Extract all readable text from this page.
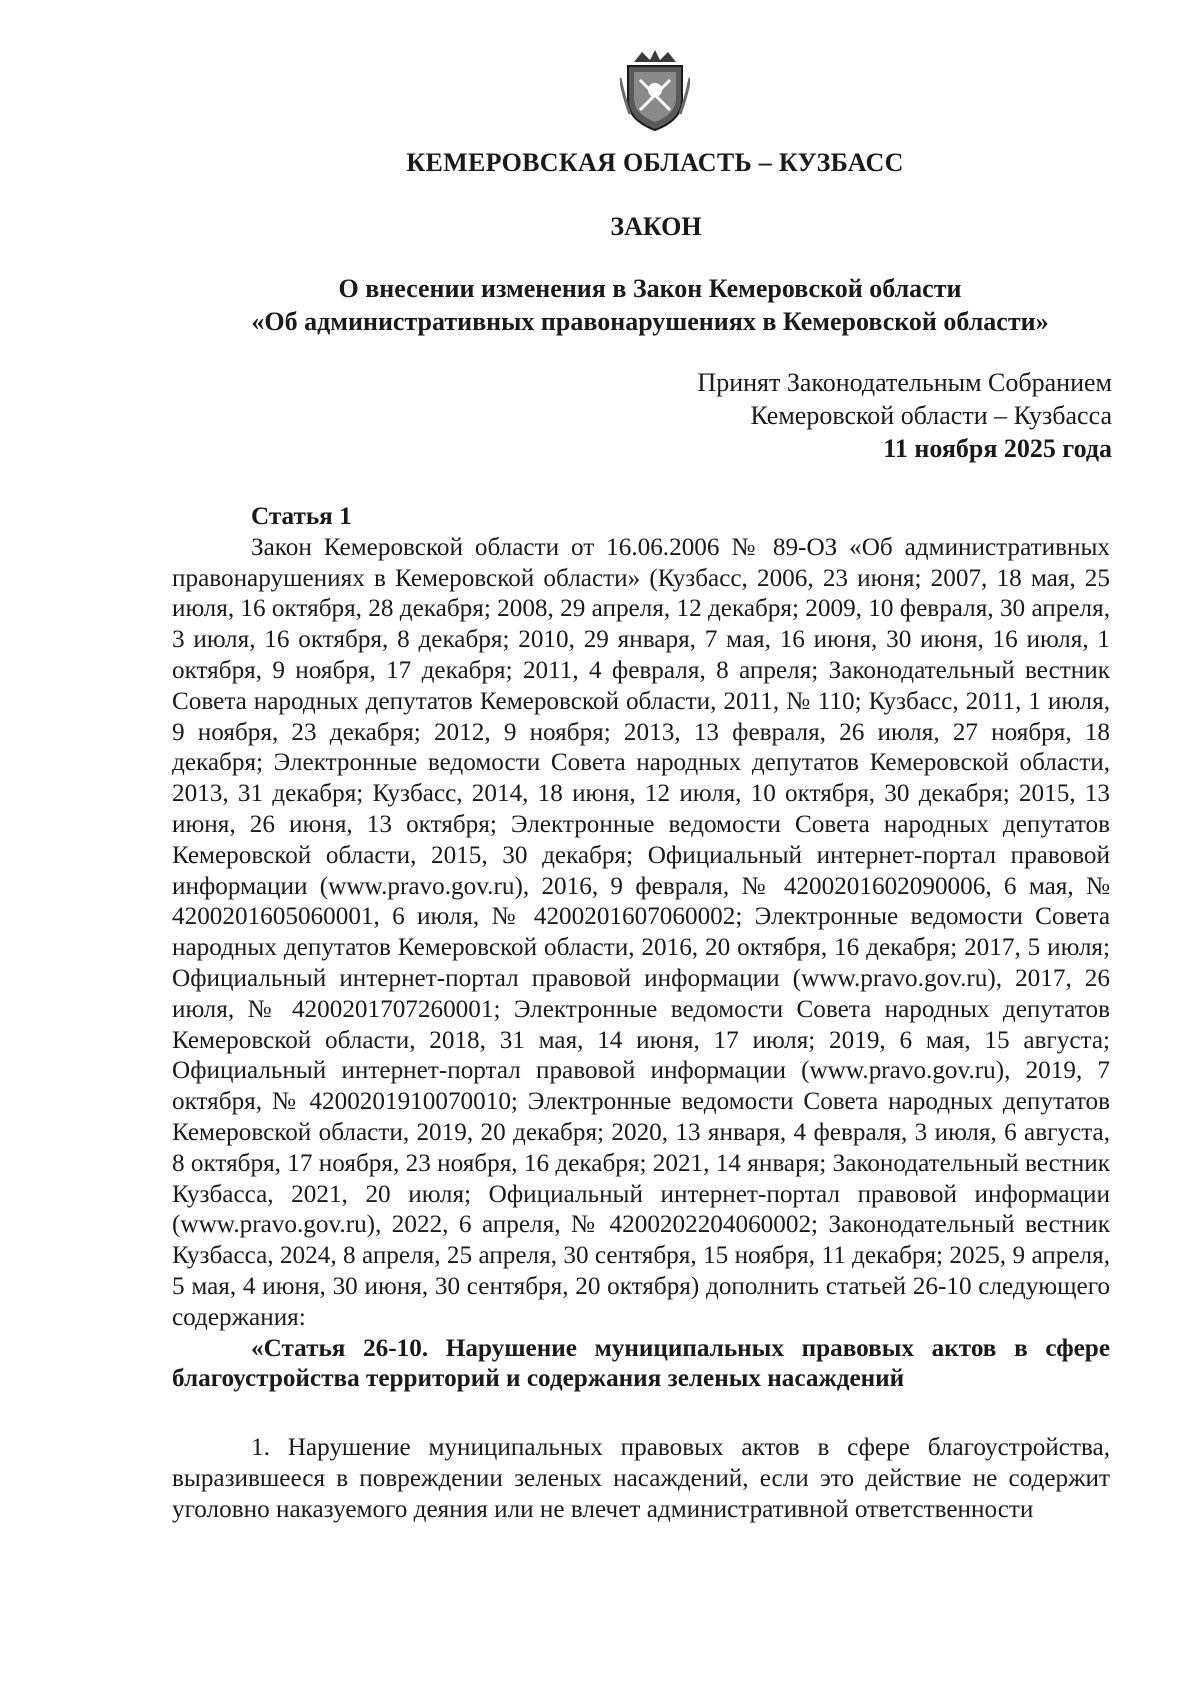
КЕМЕРОВСКАЯ ОБЛАСТЬ – КУЗБАСС
ЗАКОН
О внесении изменения в Закон Кемеровской области
«Об административных правонарушениях в Кемеровской области»
Принят Законодательным Собранием
Кемеровской области – Кузбасса
11 ноября 2025 года
Статья 1

Закон Кемеровской области от 16.06.2006 № 89-ОЗ «Об административных правонарушениях в Кемеровской области» (Кузбасс, 2006, 23 июня; 2007, 18 мая, 25 июля, 16 октября, 28 декабря; 2008, 29 апреля, 12 декабря; 2009, 10 февраля, 30 апреля, 3 июля, 16 октября, 8 декабря; 2010, 29 января, 7 мая, 16 июня, 30 июня, 16 июля, 1 октября, 9 ноября, 17 декабря; 2011, 4 февраля, 8 апреля; Законодательный вестник Совета народных депутатов Кемеровской области, 2011, № 110; Кузбасс, 2011, 1 июля, 9 ноября, 23 декабря; 2012, 9 ноября; 2013, 13 февраля, 26 июля, 27 ноября, 18 декабря; Электронные ведомости Совета народных депутатов Кемеровской области, 2013, 31 декабря; Кузбасс, 2014, 18 июня, 12 июля, 10 октября, 30 декабря; 2015, 13 июня, 26 июня, 13 октября; Электронные ведомости Совета народных депутатов Кемеровской области, 2015, 30 декабря; Официальный интернет-портал правовой информации (www.pravo.gov.ru), 2016, 9 февраля, № 4200201602090006, 6 мая, № 4200201605060001, 6 июля, № 4200201607060002; Электронные ведомости Совета народных депутатов Кемеровской области, 2016, 20 октября, 16 декабря; 2017, 5 июля; Официальный интернет-портал правовой информации (www.pravo.gov.ru), 2017, 26 июля, № 4200201707260001; Электронные ведомости Совета народных депутатов Кемеровской области, 2018, 31 мая, 14 июня, 17 июля; 2019, 6 мая, 15 августа; Официальный интернет-портал правовой информации (www.pravo.gov.ru), 2019, 7 октября, № 4200201910070010; Электронные ведомости Совета народных депутатов Кемеровской области, 2019, 20 декабря; 2020, 13 января, 4 февраля, 3 июля, 6 августа, 8 октября, 17 ноября, 23 ноября, 16 декабря; 2021, 14 января; Законодательный вестник Кузбасса, 2021, 20 июля; Официальный интернет-портал правовой информации (www.pravo.gov.ru), 2022, 6 апреля, № 4200202204060002; Законодательный вестник Кузбасса, 2024, 8 апреля, 25 апреля, 30 сентября, 15 ноября, 11 декабря; 2025, 9 апреля, 5 мая, 4 июня, 30 июня, 30 сентября, 20 октября) дополнить статьей 26-10 следующего содержания:

«Статья 26-10. Нарушение муниципальных правовых актов в сфере благоустройства территорий и содержания зеленых насаждений

1. Нарушение муниципальных правовых актов в сфере благоустройства, выразившееся в повреждении зеленых насаждений, если это действие не содержит уголовно наказуемого деяния или не влечет административной ответственности
